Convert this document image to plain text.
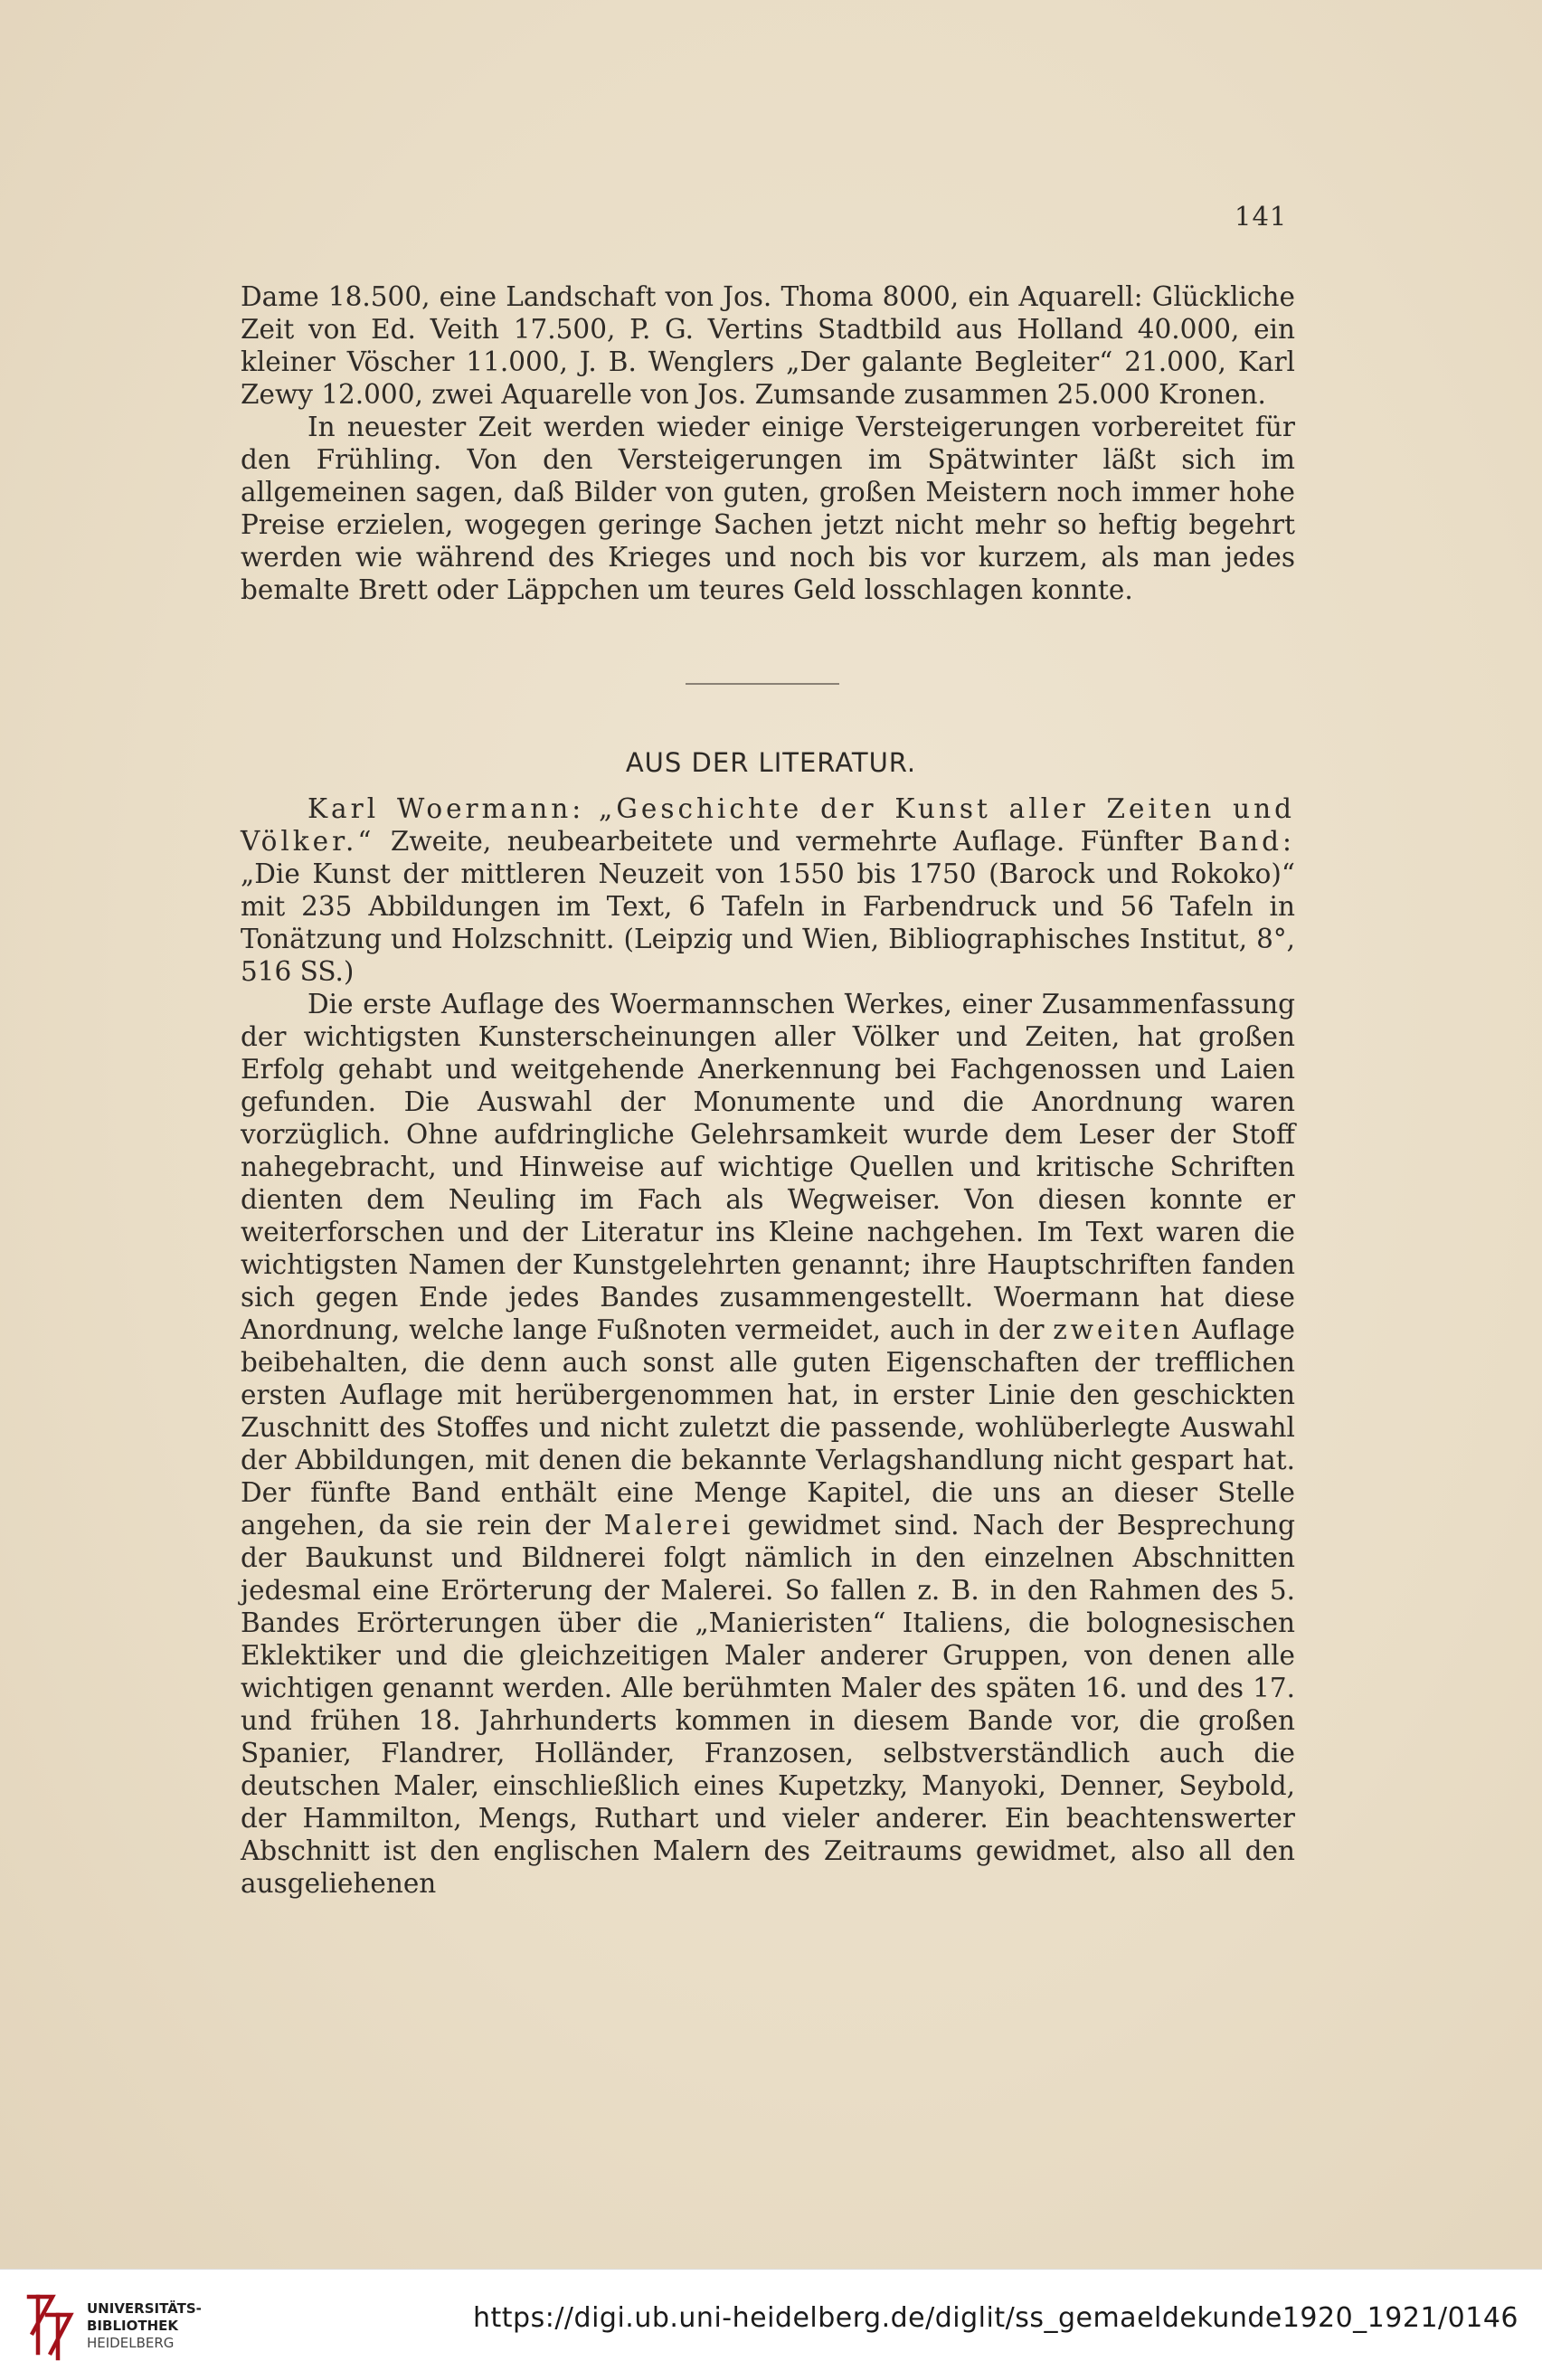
141

Dame 18.500, eine Landschaft von Jos. Thoma 8000, ein Aquarell: Glückliche Zeit von Ed. Veith 17.500, P. G. Vertins Stadtbild aus Holland 40.000, ein kleiner Vöscher 11.000, J. B. Wenglers „Der galante Begleiter“ 21.000, Karl Zewy 12.000, zwei Aquarelle von Jos. Zumsande zusammen 25.000 Kronen.

In neuester Zeit werden wieder einige Versteigerungen vorbereitet für den Frühling. Von den Versteigerungen im Spätwinter läßt sich im allgemeinen sagen, daß Bilder von guten, großen Meistern noch immer hohe Preise erzielen, wogegen geringe Sachen jetzt nicht mehr so heftig begehrt werden wie während des Krieges und noch bis vor kurzem, als man jedes bemalte Brett oder Läppchen um teures Geld losschlagen konnte.

AUS DER LITERATUR.

Karl Woermann: „Geschichte der Kunst aller Zeiten und Völker.“ Zweite, neubearbeitete und vermehrte Auflage. Fünfter Band: „Die Kunst der mittleren Neuzeit von 1550 bis 1750 (Barock und Rokoko)“ mit 235 Abbildungen im Text, 6 Tafeln in Farbendruck und 56 Tafeln in Tonätzung und Holzschnitt. (Leipzig und Wien, Bibliographisches Institut, 8°, 516 SS.)

Die erste Auflage des Woermannschen Werkes, einer Zusammenfassung der wichtigsten Kunsterscheinungen aller Völker und Zeiten, hat großen Erfolg gehabt und weitgehende Anerkennung bei Fachgenossen und Laien gefunden. Die Auswahl der Monumente und die Anordnung waren vorzüglich. Ohne aufdringliche Gelehrsamkeit wurde dem Leser der Stoff nahegebracht, und Hinweise auf wichtige Quellen und kritische Schriften dienten dem Neuling im Fach als Wegweiser. Von diesen konnte er weiterforschen und der Literatur ins Kleine nachgehen. Im Text waren die wichtigsten Namen der Kunstgelehrten genannt; ihre Hauptschriften fanden sich gegen Ende jedes Bandes zusammengestellt. Woermann hat diese Anordnung, welche lange Fußnoten vermeidet, auch in der zweiten Auflage beibehalten, die denn auch sonst alle guten Eigenschaften der trefflichen ersten Auflage mit herübergenommen hat, in erster Linie den geschickten Zuschnitt des Stoffes und nicht zuletzt die passende, wohlüberlegte Auswahl der Abbildungen, mit denen die bekannte Verlagshandlung nicht gespart hat. Der fünfte Band enthält eine Menge Kapitel, die uns an dieser Stelle angehen, da sie rein der Malerei gewidmet sind. Nach der Besprechung der Baukunst und Bildnerei folgt nämlich in den einzelnen Abschnitten jedesmal eine Erörterung der Malerei. So fallen z. B. in den Rahmen des 5. Bandes Erörterungen über die „Manieristen“ Italiens, die bolognesischen Eklektiker und die gleichzeitigen Maler anderer Gruppen, von denen alle wichtigen genannt werden. Alle berühmten Maler des späten 16. und des 17. und frühen 18. Jahrhunderts kommen in diesem Bande vor, die großen Spanier, Flandrer, Holländer, Franzosen, selbstverständlich auch die deutschen Maler, einschließlich eines Kupetzky, Manyoki, Denner, Seybold, der Hammilton, Mengs, Ruthart und vieler anderer. Ein beachtenswerter Abschnitt ist den englischen Malern des Zeitraums gewidmet, also all den ausgeliehenen

UNIVERSITÄTS-
BIBLIOTHEK
HEIDELBERG
https://digi.ub.uni-heidelberg.de/diglit/ss_gemaeldekunde1920_1921/0146
